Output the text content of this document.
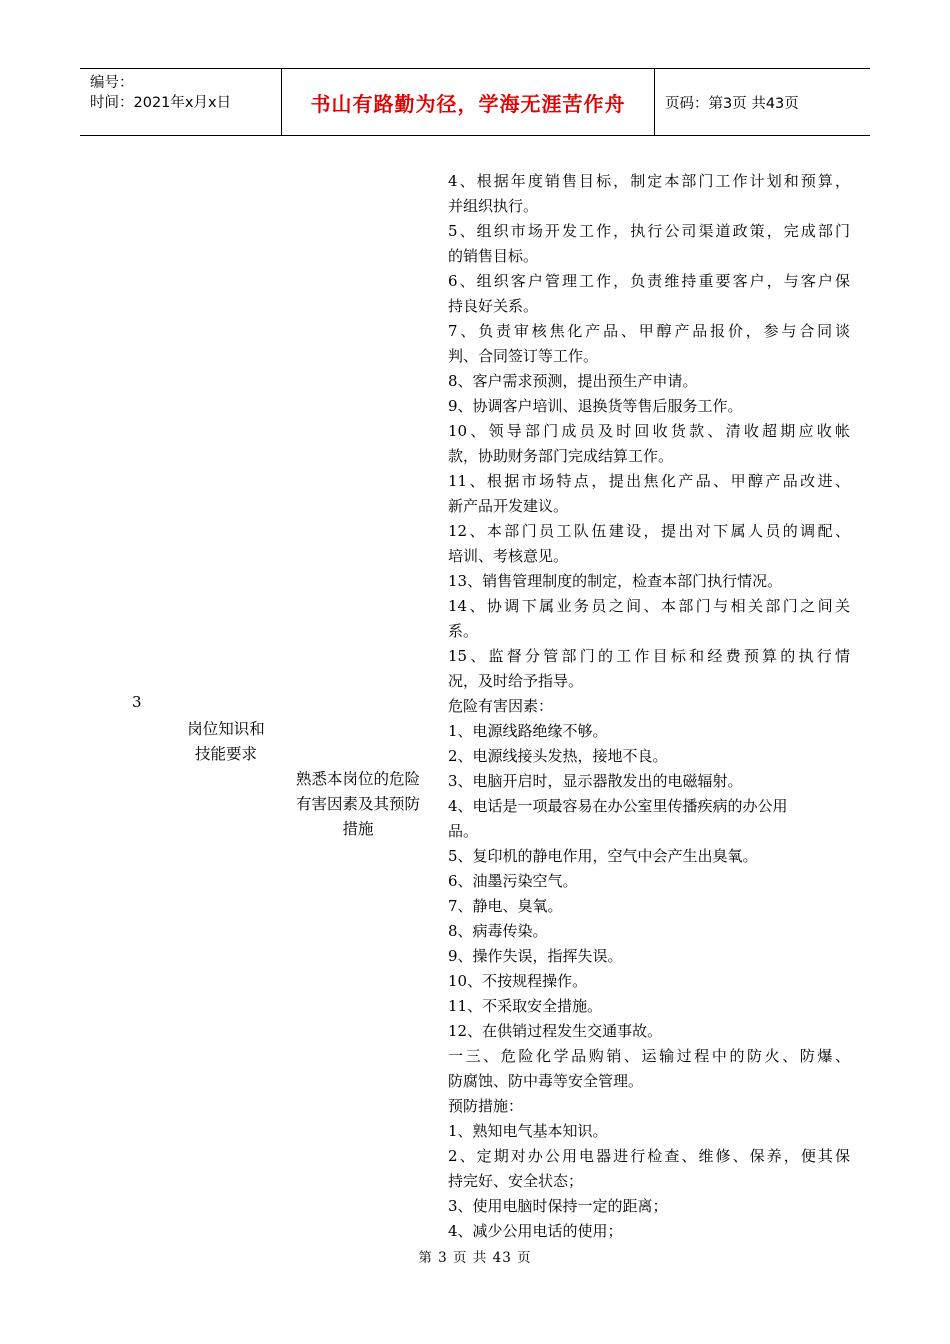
编号：
时间：2021年x月x日	书山有路勤为径，学海无涯苦作舟	页码：第3页 共43页
3
岗位知识和
技能要求
熟悉本岗位的危险
有害因素及其预防
措施
4、根据年度销售目标，制定本部门工作计划和预算，
并组织执行。
5、组织市场开发工作，执行公司渠道政策，完成部门
的销售目标。
6、组织客户管理工作，负责维持重要客户，与客户保
持良好关系。
7、负责审核焦化产品、甲醇产品报价，参与合同谈
判、合同签订等工作。
8、客户需求预测，提出预生产申请。
9、协调客户培训、退换货等售后服务工作。
10、领导部门成员及时回收货款、清收超期应收帐
款，协助财务部门完成结算工作。
11、根据市场特点，提出焦化产品、甲醇产品改进、
新产品开发建议。
12、本部门员工队伍建设，提出对下属人员的调配、
培训、考核意见。
13、销售管理制度的制定，检查本部门执行情况。
14、协调下属业务员之间、本部门与相关部门之间关
系。
15、监督分管部门的工作目标和经费预算的执行情
况，及时给予指导。
危险有害因素：
1、电源线路绝缘不够。
2、电源线接头发热，接地不良。
3、电脑开启时，显示器散发出的电磁辐射。
4、电话是一项最容易在办公室里传播疾病的办公用
品。
5、复印机的静电作用，空气中会产生出臭氧。
6、油墨污染空气。
7、静电、臭氧。
8、病毒传染。
9、操作失误，指挥失误。
10、不按规程操作。
11、不采取安全措施。
12、在供销过程发生交通事故。
一三、危险化学品购销、运输过程中的防火、防爆、
防腐蚀、防中毒等安全管理。
预防措施：
1、熟知电气基本知识。
2、定期对办公用电器进行检查、维修、保养，便其保
持完好、安全状态；
3、使用电脑时保持一定的距离；
4、减少公用电话的使用；
第 3 页 共 43 页
